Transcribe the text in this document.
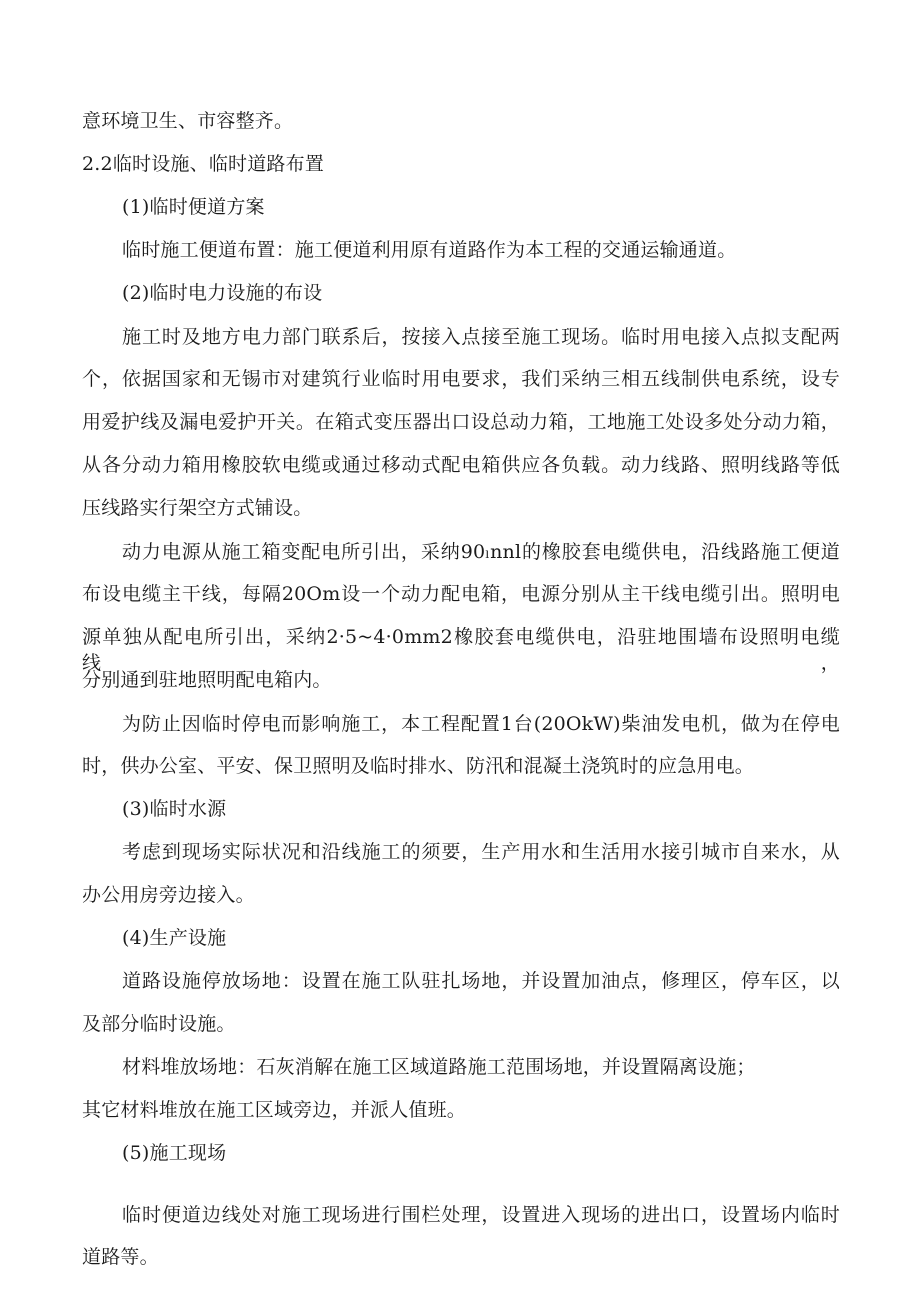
意环境卫生、市容整齐。
2.2临时设施、临时道路布置
(1)临时便道方案
临时施工便道布置：施工便道利用原有道路作为本工程的交通运输通道。
(2)临时电力设施的布设
施工时及地方电力部门联系后，按接入点接至施工现场。临时用电接入点拟支配两
个，依据国家和无锡市对建筑行业临时用电要求，我们采纳三相五线制供电系统，设专
用爱护线及漏电爱护开关。在箱式变压器出口设总动力箱，工地施工处设多处分动力箱，
从各分动力箱用橡胶软电缆或通过移动式配电箱供应各负载。动力线路、照明线路等低
压线路实行架空方式铺设。
动力电源从施工箱变配电所引出，采纳90ₗnnl的橡胶套电缆供电，沿线路施工便道
布设电缆主干线，每隔20Om设一个动力配电箱，电源分别从主干线电缆引出。照明电
源单独从配电所引出，采纳2·5~4·0mm2橡胶套电缆供电，沿驻地围墙布设照明电缆线，
分别通到驻地照明配电箱内。
为防止因临时停电而影响施工，本工程配置1台(20OkW)柴油发电机，做为在停电
时，供办公室、平安、保卫照明及临时排水、防汛和混凝土浇筑时的应急用电。
(3)临时水源
考虑到现场实际状况和沿线施工的须要，生产用水和生活用水接引城市自来水，从
办公用房旁边接入。
(4)生产设施
道路设施停放场地：设置在施工队驻扎场地，并设置加油点，修理区，停车区，以
及部分临时设施。
材料堆放场地：石灰消解在施工区域道路施工范围场地，并设置隔离设施；
其它材料堆放在施工区域旁边，并派人值班。
(5)施工现场
临时便道边线处对施工现场进行围栏处理，设置进入现场的进出口，设置场内临时
道路等。
